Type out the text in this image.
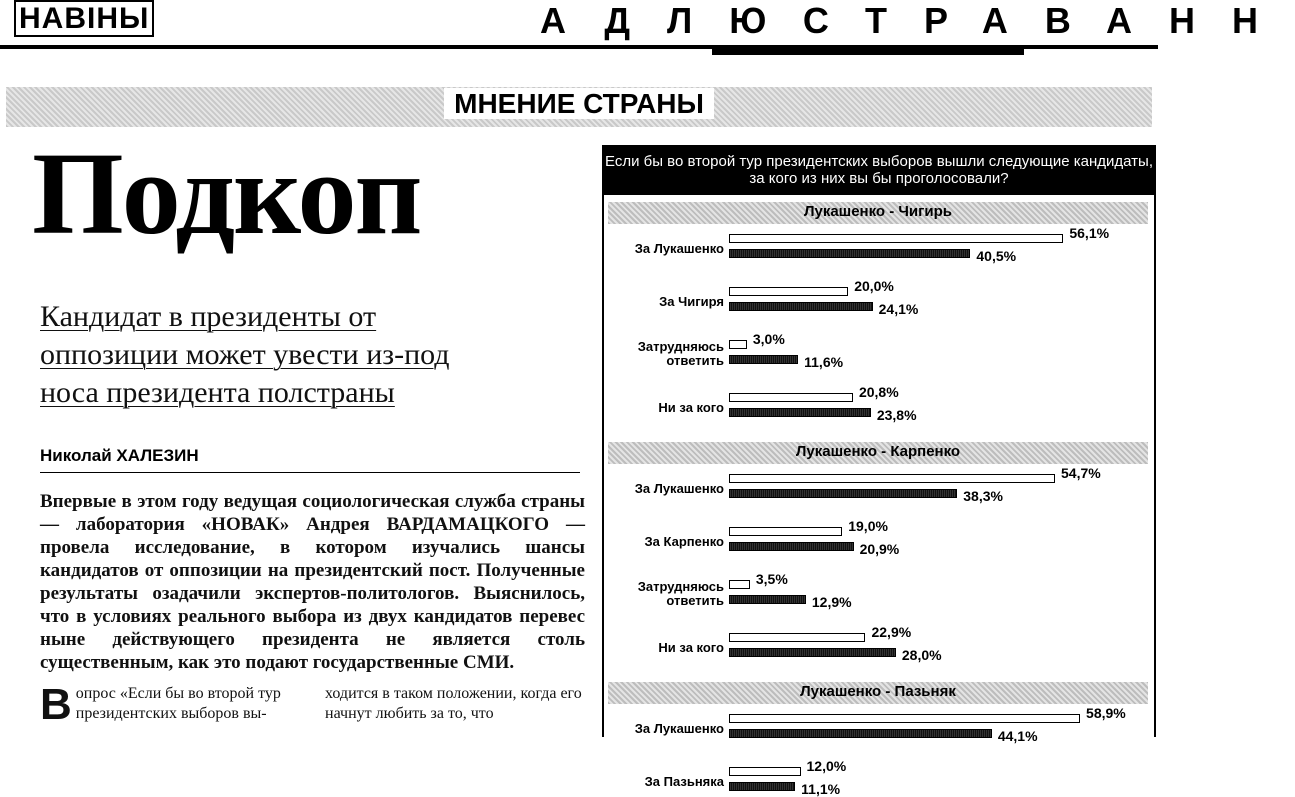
НАВІНЫ	АДЛЮСТРАВАНН
МНЕНИЕ СТРАНЫ
Подкоп

Кандидат в президенты от

оппозиции может увести из-под

носа президента полстраны

Николай ХАЛЕЗИН
Впервые в этом году ведущая социологическая служба страны — лаборатория «НОВАК» Андрея ВАРДАМАЦКОГО — провела исследование, в котором изучались шансы кандидатов от оппозиции на президентский пост. Полученные результаты озадачили экспертов-политологов. Выяснилось, что в условиях реального выбора из двух кандидатов перевес ныне действующего президента не является столь существенным, как это подают государственные СМИ.
Вопрос «Если бы во второй тур президентских выборов вы-
ходится в таком положении, когда его начнут любить за то, что
Если бы во второй тур президентских выборов вышли следующие кандидаты, за кого из них вы бы проголосовали?
Лукашенко - Чигирь
За Лукашенко
56,1%
40,5%
За Чигиря
20,0%
24,1%
Затрудняюсь ответить
3,0%
11,6%
Ни за кого
20,8%
23,8%
Лукашенко - Карпенко
За Лукашенко
54,7%
38,3%
За Карпенко
19,0%
20,9%
Затрудняюсь ответить
3,5%
12,9%
Ни за кого
22,9%
28,0%
Лукашенко - Пазьняк
За Лукашенко
58,9%
44,1%
За Пазьняка
12,0%
11,1%
